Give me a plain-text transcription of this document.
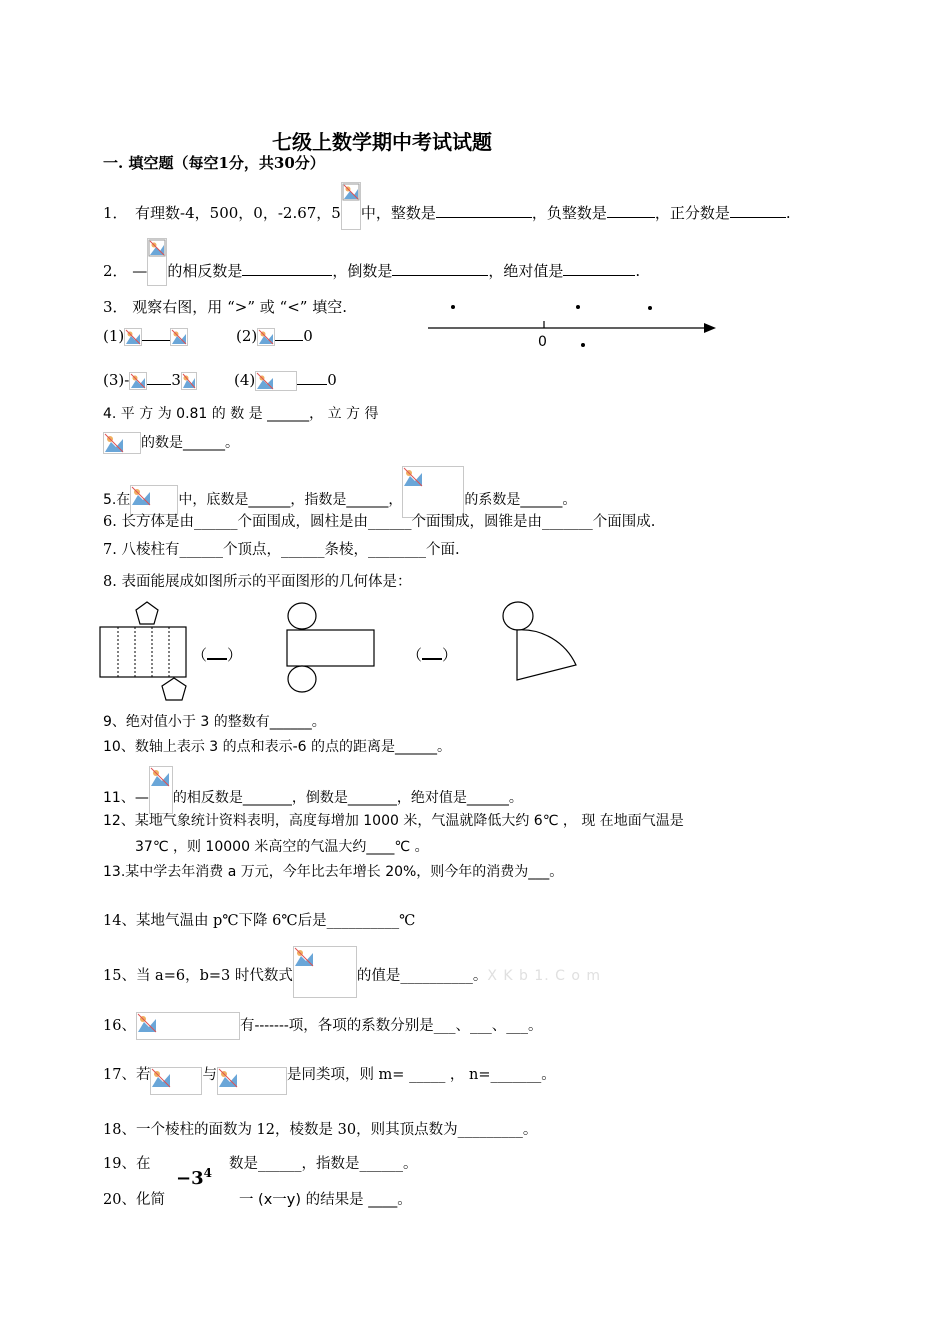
七级上数学期中考试试题
一. 填空题（每空1分，共30分）
1．　有理数-4，500，0，-2.67，5 中，整数是	，负整数是	，正分数是	.
2． — 的相反数是	，倒数是	，绝对值是	.
3． 观察右图，用 “>” 或 “<” 填空.
(1)	(2)	0
(3)-	3	(4)	0
0
4. 平 方 为 0.81 的 数 是 ______， 立 方 得
的数是______。
5.在	中，底数是______，指数是______，	的系数是______。
6. 长方体是由______个面围成，圆柱是由______个面围成，圆锥是由_______个面围成.
7. 八棱柱有______个顶点，______条棱，________个面.
8. 表面能展成如图所示的平面图形的几何体是：
（ ）	（ ）
9、绝对值小于 3 的整数有______。
10、数轴上表示 3 的点和表示-6 的点的距离是______。
11、— 的相反数是_______，倒数是_______，绝对值是______。
12、某地气象统计资料表明，高度每增加 1000 米，气温就降低大约 6℃ ， 现 在地面气温是
37℃ ，则 10000 米高空的气温大约____℃ 。
13.某中学去年消费 a 万元，今年比去年增长 20%，则今年的消费为___。
14、某地气温由 p℃下降 6℃后是__________℃
15、当 a=6，b=3 时代数式	的值是__________。X K b 1. C o m
16、	有-------项，各项的系数分别是___、___、___。
17、若	与	是同类项，则 m= _____ ， n=_______。
18、一个棱柱的面数为 12，棱数是 30，则其顶点数为_________。
19、在
$-3^4$
数是______，指数是______。
20、化简	一 (x一y) 的结果是 ____。
